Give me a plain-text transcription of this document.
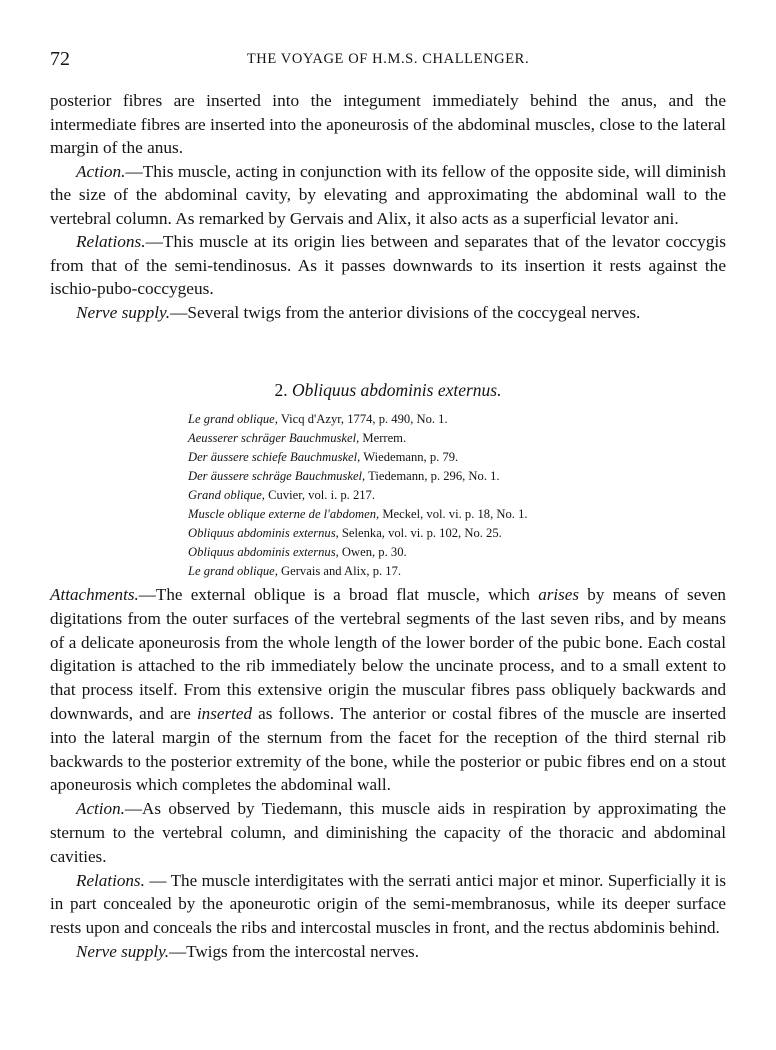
72	THE VOYAGE OF H.M.S. CHALLENGER.

posterior fibres are inserted into the integument immediately behind the anus, and the intermediate fibres are inserted into the aponeurosis of the abdominal muscles, close to the lateral margin of the anus.

Action.—This muscle, acting in conjunction with its fellow of the opposite side, will diminish the size of the abdominal cavity, by elevating and approximating the abdominal wall to the vertebral column. As remarked by Gervais and Alix, it also acts as a superficial levator ani.

Relations.—This muscle at its origin lies between and separates that of the levator coccygis from that of the semi-tendinosus. As it passes downwards to its insertion it rests against the ischio-pubo-coccygeus.

Nerve supply.—Several twigs from the anterior divisions of the coccygeal nerves.

2. Obliquus abdominis externus.
Le grand oblique, Vicq d'Azyr, 1774, p. 490, No. 1.
Aeusserer schräger Bauchmuskel, Merrem.
Der äussere schiefe Bauchmuskel, Wiedemann, p. 79.
Der äussere schräge Bauchmuskel, Tiedemann, p. 296, No. 1.
Grand oblique, Cuvier, vol. i. p. 217.
Muscle oblique externe de l'abdomen, Meckel, vol. vi. p. 18, No. 1.
Obliquus abdominis externus, Selenka, vol. vi. p. 102, No. 25.
Obliquus abdominis externus, Owen, p. 30.
Le grand oblique, Gervais and Alix, p. 17.

Attachments.—The external oblique is a broad flat muscle, which arises by means of seven digitations from the outer surfaces of the vertebral segments of the last seven ribs, and by means of a delicate aponeurosis from the whole length of the lower border of the pubic bone. Each costal digitation is attached to the rib immediately below the uncinate process, and to a small extent to that process itself. From this extensive origin the muscular fibres pass obliquely backwards and downwards, and are inserted as follows. The anterior or costal fibres of the muscle are inserted into the lateral margin of the sternum from the facet for the reception of the third sternal rib backwards to the posterior extremity of the bone, while the posterior or pubic fibres end on a stout aponeurosis which completes the abdominal wall.

Action.—As observed by Tiedemann, this muscle aids in respiration by approximating the sternum to the vertebral column, and diminishing the capacity of the thoracic and abdominal cavities.

Relations. — The muscle interdigitates with the serrati antici major et minor. Superficially it is in part concealed by the aponeurotic origin of the semi-membranosus, while its deeper surface rests upon and conceals the ribs and intercostal muscles in front, and the rectus abdominis behind.

Nerve supply.—Twigs from the intercostal nerves.
